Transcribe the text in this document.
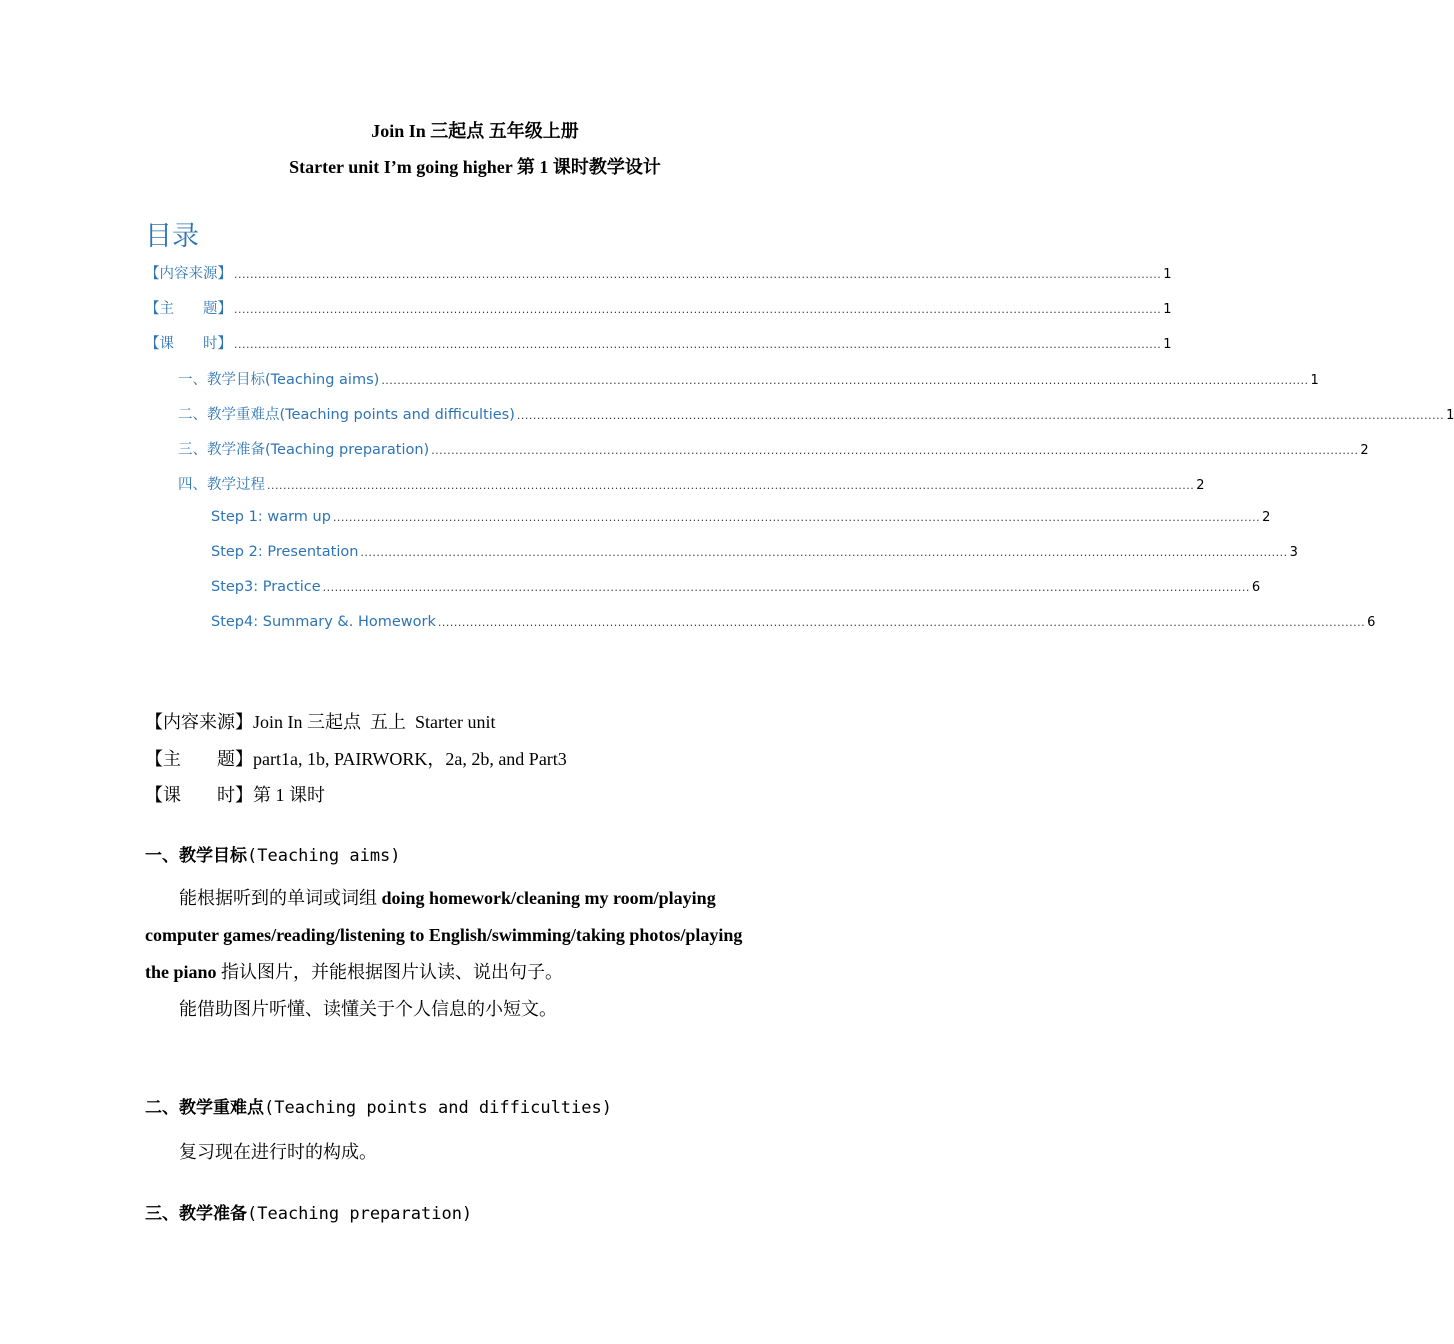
Join In 三起点 五年级上册
Starter unit I’m going higher 第 1 课时教学设计
目录
【内容来源】 ........................................................................................................................................................................................................................................ 1
【主　　题】 ........................................................................................................................................................................................................................................ 1
【课　　时】 ........................................................................................................................................................................................................................................ 1
一、教学目标(Teaching aims) ........................................................................................................................................................................................................................................ 1
二、教学重难点(Teaching points and difficulties) ........................................................................................................................................................................................................................................ 1
三、教学准备(Teaching preparation) ........................................................................................................................................................................................................................................ 2
四、教学过程 ........................................................................................................................................................................................................................................ 2
Step 1: warm up ........................................................................................................................................................................................................................................ 2
Step 2: Presentation ........................................................................................................................................................................................................................................ 3
Step3: Practice ........................................................................................................................................................................................................................................ 6
Step4: Summary &. Homework ........................................................................................................................................................................................................................................ 6
【内容来源】Join In 三起点  五上  Starter unit
【主        题】part1a, 1b, PAIRWORK，2a, 2b, and Part3
【课        时】第 1 课时
一、教学目标(Teaching aims)

能根据听到的单词或词组 doing homework/cleaning my room/playing

computer games/reading/listening to English/swimming/taking photos/playing

the piano 指认图片，并能根据图片认读、说出句子。

能借助图片听懂、读懂关于个人信息的小短文。

二、教学重难点(Teaching points and difficulties)

复习现在进行时的构成。

三、教学准备(Teaching preparation)
